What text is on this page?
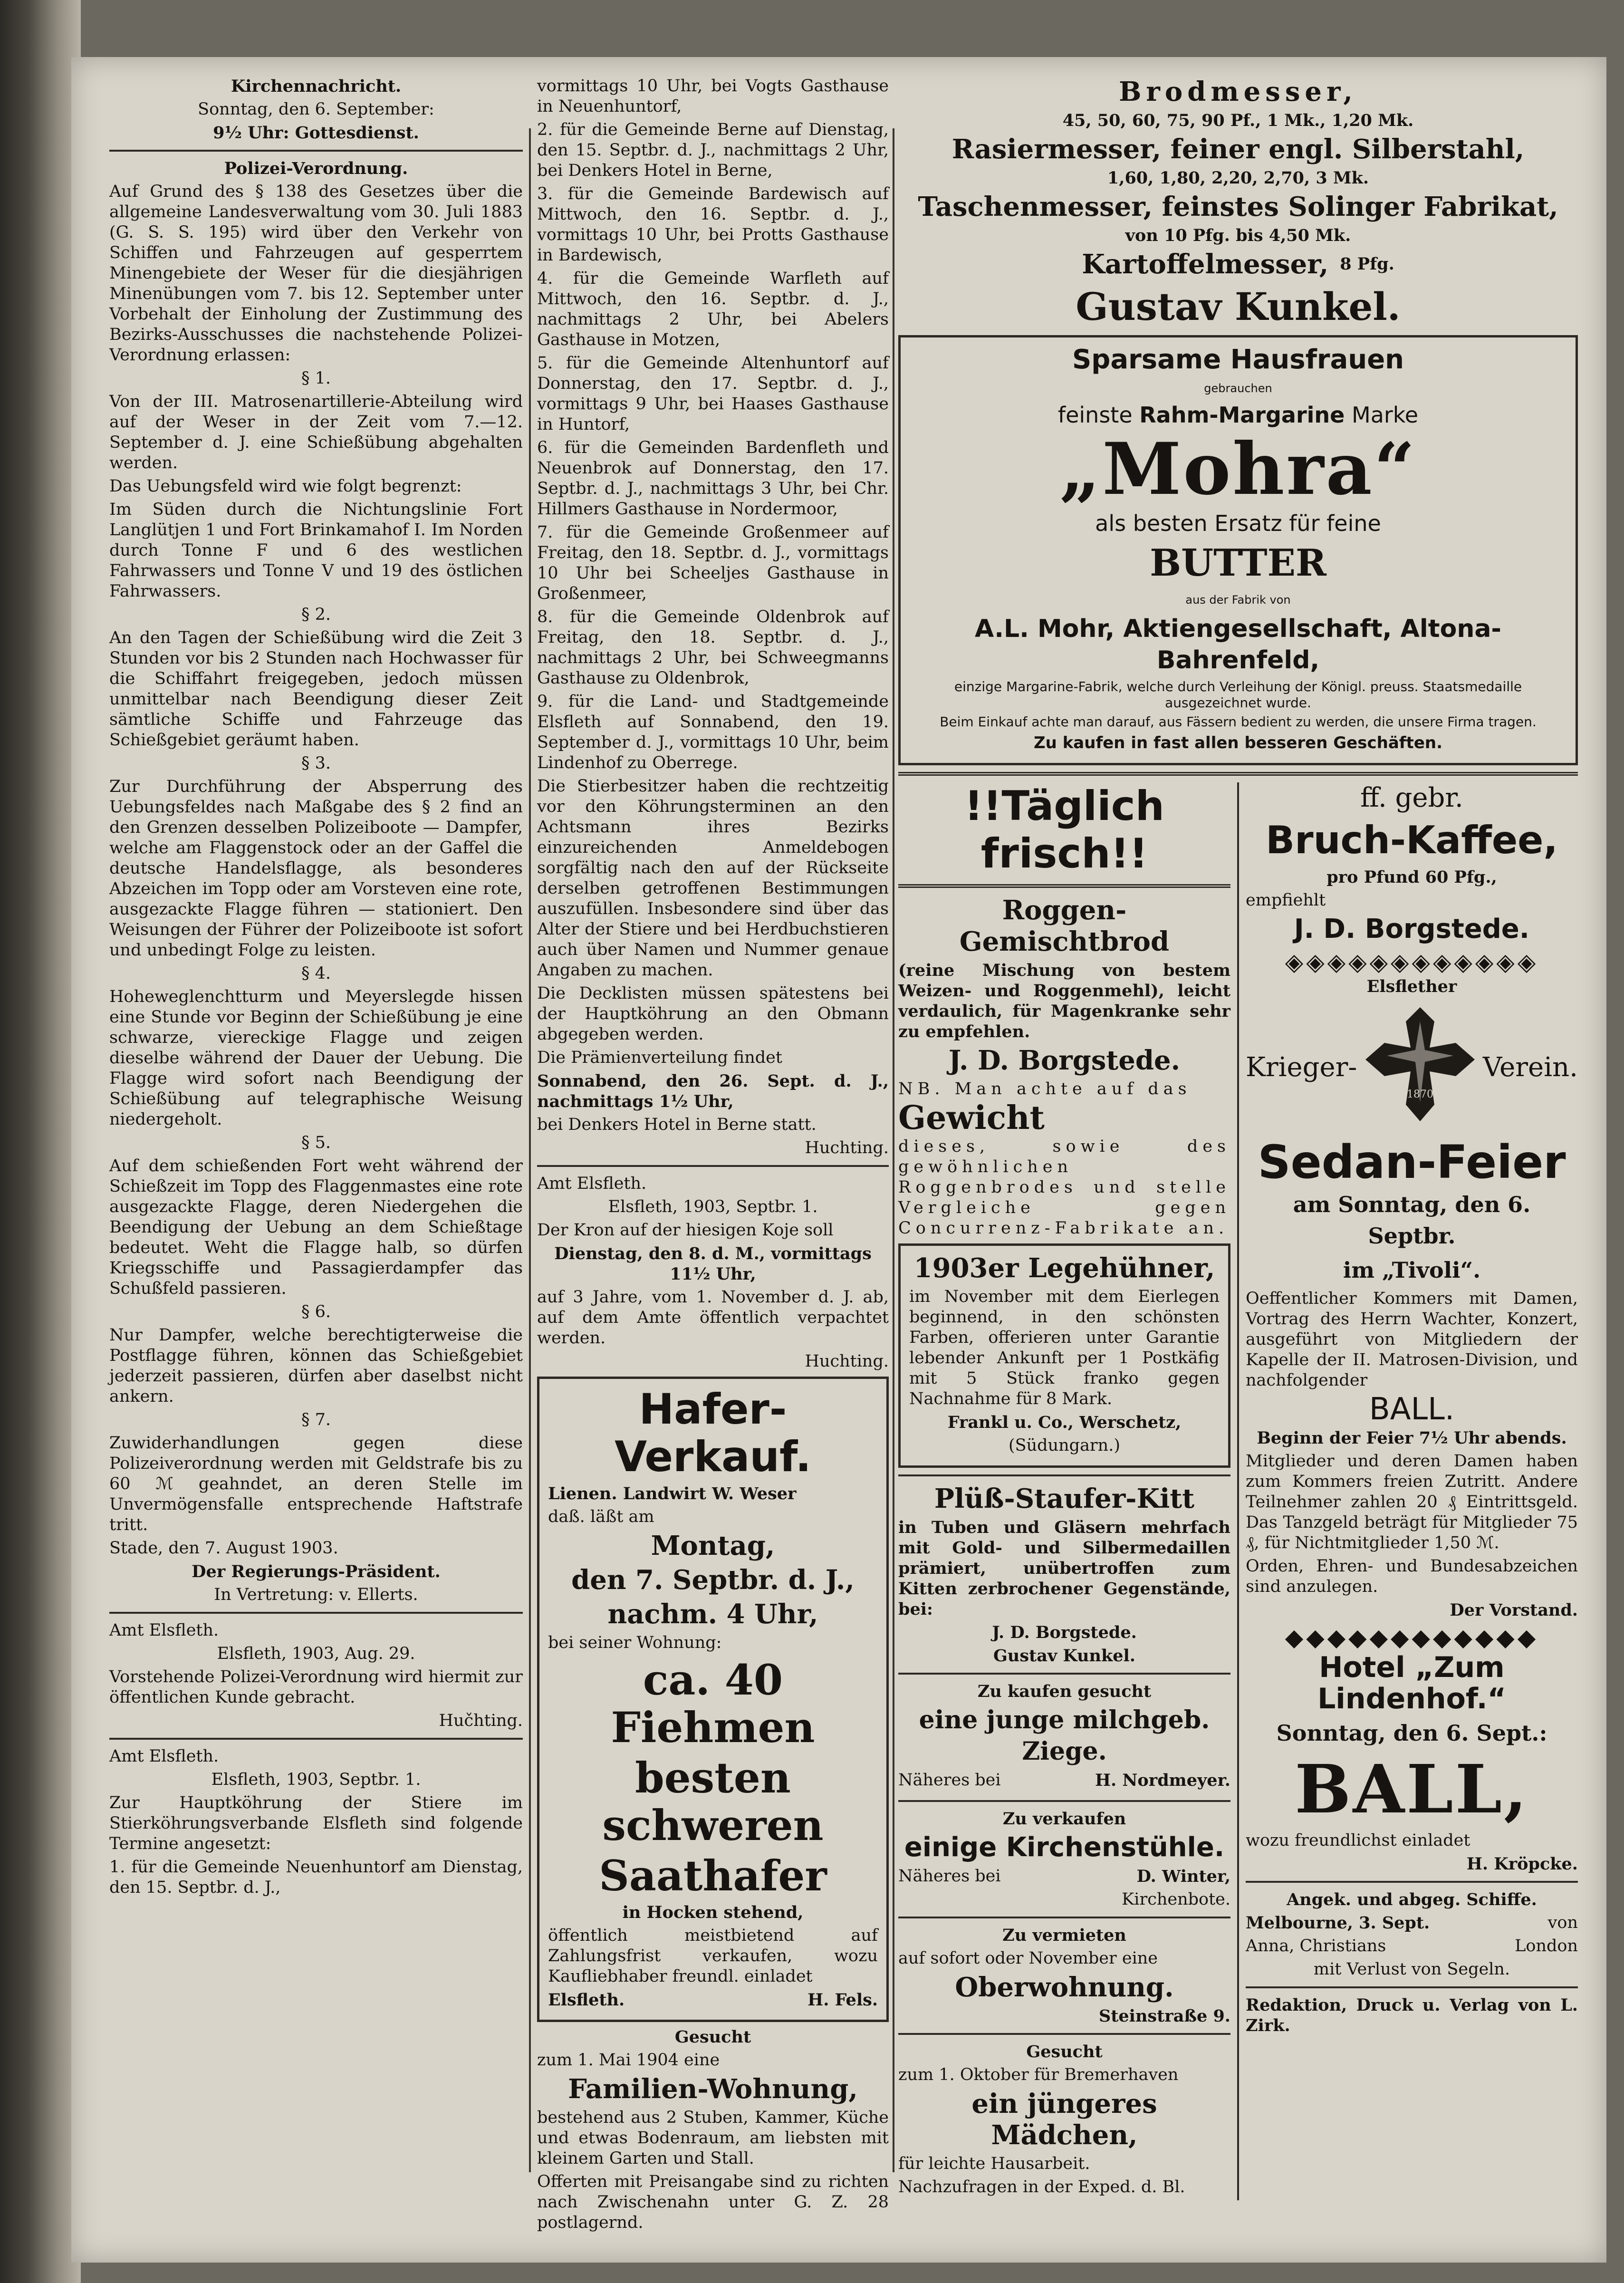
Kirchennachricht.

Sonntag, den 6. September:

9½ Uhr: Gottesdienst.

Polizei-Verordnung.

Auf Grund des § 138 des Gesetzes über die allgemeine Landesverwaltung vom 30. Juli 1883 (G. S. S. 195) wird über den Verkehr von Schiffen und Fahrzeugen auf gesperrtem Minengebiete der Weser für die diesjährigen Minenübungen vom 7. bis 12. September unter Vorbehalt der Einholung der Zustimmung des Bezirks-Ausschusses die nachstehende Polizei-Verordnung erlassen:

§ 1.

Von der III. Matrosenartillerie-Abteilung wird auf der Weser in der Zeit vom 7.—12. September d. J. eine Schießübung abgehalten werden.

Das Uebungsfeld wird wie folgt begrenzt:

Im Süden durch die Nichtungslinie Fort Langlütjen 1 und Fort Brinkamahof I. Im Norden durch Tonne F und 6 des westlichen Fahrwassers und Tonne V und 19 des östlichen Fahrwassers.

§ 2.

An den Tagen der Schießübung wird die Zeit 3 Stunden vor bis 2 Stunden nach Hochwasser für die Schiffahrt freigegeben, jedoch müssen unmittelbar nach Beendigung dieser Zeit sämtliche Schiffe und Fahrzeuge das Schießgebiet geräumt haben.

§ 3.

Zur Durchführung der Absperrung des Uebungsfeldes nach Maßgabe des § 2 find an den Grenzen desselben Polizeiboote — Dampfer, welche am Flaggenstock oder an der Gaffel die deutsche Handelsflagge, als besonderes Abzeichen im Topp oder am Vorsteven eine rote, ausgezackte Flagge führen — stationiert. Den Weisungen der Führer der Polizeiboote ist sofort und unbedingt Folge zu leisten.

§ 4.

Hoheweglenchtturm und Meyerslegde hissen eine Stunde vor Beginn der Schießübung je eine schwarze, viereckige Flagge und zeigen dieselbe während der Dauer der Uebung. Die Flagge wird sofort nach Beendigung der Schießübung auf telegraphische Weisung niedergeholt.

§ 5.

Auf dem schießenden Fort weht während der Schießzeit im Topp des Flaggenmastes eine rote ausgezackte Flagge, deren Niedergehen die Beendigung der Uebung an dem Schießtage bedeutet. Weht die Flagge halb, so dürfen Kriegsschiffe und Passagierdampfer das Schußfeld passieren.

§ 6.

Nur Dampfer, welche berechtigterweise die Postflagge führen, können das Schießgebiet jederzeit passieren, dürfen aber daselbst nicht ankern.

§ 7.

Zuwiderhandlungen gegen diese Polizeiverordnung werden mit Geldstrafe bis zu 60 ℳ geahndet, an deren Stelle im Unvermögensfalle entsprechende Haftstrafe tritt.

Stade, den 7. August 1903.

Der Regierungs-Präsident.

In Vertretung: v. Ellerts.

Amt Elsfleth.

Elsfleth, 1903, Aug. 29.

Vorstehende Polizei-Verordnung wird hiermit zur öffentlichen Kunde gebracht.

Hučhting.

Amt Elsfleth.

Elsfleth, 1903, Septbr. 1.

Zur Hauptköhrung der Stiere im Stierköhrungsverbande Elsfleth sind folgende Termine angesetzt:

1. für die Gemeinde Neuenhuntorf am Dienstag, den 15. Septbr. d. J.,

vormittags 10 Uhr, bei Vogts Gasthause in Neuenhuntorf,

2. für die Gemeinde Berne auf Dienstag, den 15. Septbr. d. J., nachmittags 2 Uhr, bei Denkers Hotel in Berne,

3. für die Gemeinde Bardewisch auf Mittwoch, den 16. Septbr. d. J., vormittags 10 Uhr, bei Protts Gasthause in Bardewisch,

4. für die Gemeinde Warfleth auf Mittwoch, den 16. Septbr. d. J., nachmittags 2 Uhr, bei Abelers Gasthause in Motzen,

5. für die Gemeinde Altenhuntorf auf Donnerstag, den 17. Septbr. d. J., vormittags 9 Uhr, bei Haases Gasthause in Huntorf,

6. für die Gemeinden Bardenfleth und Neuenbrok auf Donnerstag, den 17. Septbr. d. J., nachmittags 3 Uhr, bei Chr. Hillmers Gasthause in Nordermoor,

7. für die Gemeinde Großenmeer auf Freitag, den 18. Septbr. d. J., vormittags 10 Uhr bei Scheeljes Gasthause in Großenmeer,

8. für die Gemeinde Oldenbrok auf Freitag, den 18. Septbr. d. J., nachmittags 2 Uhr, bei Schweegmanns Gasthause zu Oldenbrok,

9. für die Land- und Stadtgemeinde Elsfleth auf Sonnabend, den 19. September d. J., vormittags 10 Uhr, beim Lindenhof zu Oberrege.

Die Stierbesitzer haben die rechtzeitig vor den Köhrungsterminen an den Achtsmann ihres Bezirks einzureichenden Anmeldebogen sorgfältig nach den auf der Rückseite derselben getroffenen Bestimmungen auszufüllen. Insbesondere sind über das Alter der Stiere und bei Herdbuchstieren auch über Namen und Nummer genaue Angaben zu machen.

Die Decklisten müssen spätestens bei der Hauptköhrung an den Obmann abgegeben werden.

Die Prämienverteilung findet

Sonnabend, den 26. Sept. d. J., nachmittags 1½ Uhr,

bei Denkers Hotel in Berne statt.

Huchting.

Amt Elsfleth.

Elsfleth, 1903, Septbr. 1.

Der Kron auf der hiesigen Koje soll

Dienstag, den 8. d. M., vormittags 11½ Uhr,

auf 3 Jahre, vom 1. November d. J. ab, auf dem Amte öffentlich verpachtet werden.

Huchting.

Hafer-Verkauf.

Lienen. Landwirt W. Weser

daß. läßt am

Montag,

den 7. Septbr. d. J.,

nachm. 4 Uhr,

bei seiner Wohnung:

ca. 40 Fiehmen

besten schweren

Saathafer

in Hocken stehend,

öffentlich meistbietend auf Zahlungsfrist verkaufen, wozu Kaufliebhaber freundl. einladet

Elsfleth.	H. Fels.

Gesucht

zum 1. Mai 1904 eine

Familien-Wohnung,

bestehend aus 2 Stuben, Kammer, Küche und etwas Bodenraum, am liebsten mit kleinem Garten und Stall.

Offerten mit Preisangabe sind zu richten nach Zwischenahn unter G. Z. 28 postlagernd.

Brodmesser,

45, 50, 60, 75, 90 Pf., 1 Mk., 1,20 Mk.

Rasiermesser, feiner engl. Silberstahl,

1,60, 1,80, 2,20, 2,70, 3 Mk.

Taschenmesser, feinstes Solinger Fabrikat,

von 10 Pfg. bis 4,50 Mk.

Kartoffelmesser, 8 Pfg.

Gustav Kunkel.

Sparsame Hausfrauen

gebrauchen

feinste Rahm-Margarine Marke

„Mohra“

als besten Ersatz für feine

BUTTER

aus der Fabrik von

A.L. Mohr, Aktiengesellschaft, Altona-Bahrenfeld,

einzige Margarine-Fabrik, welche durch Verleihung der Königl. preuss. Staatsmedaille ausgezeichnet wurde.

Beim Einkauf achte man darauf, aus Fässern bedient zu werden, die unsere Firma tragen.

Zu kaufen in fast allen besseren Geschäften.

!!Täglich frisch!!

Roggen-Gemischtbrod

(reine Mischung von bestem Weizen- und Roggenmehl), leicht verdaulich, für Magenkranke sehr zu empfehlen.

J. D. Borgstede.

NB. Man achte auf das

Gewicht

dieses, sowie des gewöhnlichen Roggenbrodes und stelle Vergleiche gegen Concurrenz-Fabrikate an.

1903er Legehühner,

im November mit dem Eierlegen beginnend, in den schönsten Farben, offerieren unter Garantie lebender Ankunft per 1 Postkäfig mit 5 Stück franko gegen Nachnahme für 8 Mark.

Frankl u. Co., Werschetz,

(Südungarn.)

Plüß-Staufer-Kitt

in Tuben und Gläsern mehrfach mit Gold- und Silbermedaillen prämiert, unübertroffen zum Kitten zerbrochener Gegenstände, bei:

J. D. Borgstede.

Gustav Kunkel.

Zu kaufen gesucht

eine junge milchgeb. Ziege.

Näheres bei	H. Nordmeyer.

Zu verkaufen

einige Kirchenstühle.

Näheres bei	D. Winter,

Kirchenbote.

Zu vermieten

auf sofort oder November eine

Oberwohnung.

Steinstraße 9.

Gesucht

zum 1. Oktober für Bremerhaven

ein jüngeres Mädchen,

für leichte Hausarbeit.

Nachzufragen in der Exped. d. Bl.

ff. gebr.

Bruch-Kaffee,

pro Pfund 60 Pfg.,

empfiehlt

J. D. Borgstede.

◈◈◈◈◈◈◈◈◈◈◈◈

Elsflether

Krieger-

1870

Verein.

Sedan-Feier

am Sonntag, den 6. Septbr.

im „Tivoli“.

Oeffentlicher Kommers mit Damen, Vortrag des Herrn Wachter, Konzert, ausgeführt von Mitgliedern der Kapelle der II. Matrosen-Division, und nachfolgender

BALL.

Beginn der Feier 7½ Uhr abends.

Mitglieder und deren Damen haben zum Kommers freien Zutritt. Andere Teilnehmer zahlen 20 ₰ Eintrittsgeld. Das Tanzgeld beträgt für Mitglieder 75 ₰, für Nichtmitglieder 1,50 ℳ.

Orden, Ehren- und Bundesabzeichen sind anzulegen.

Der Vorstand.

◆◆◆◆◆◆◆◆◆◆◆◆

Hotel „Zum Lindenhof.“

Sonntag, den 6. Sept.:

BALL,

wozu freundlichst einladet

H. Kröpcke.

Angek. und abgeg. Schiffe.

Melbourne, 3. Sept.	von

Anna, Christians	London

mit Verlust von Segeln.

Redaktion, Druck u. Verlag von L. Zirk.
